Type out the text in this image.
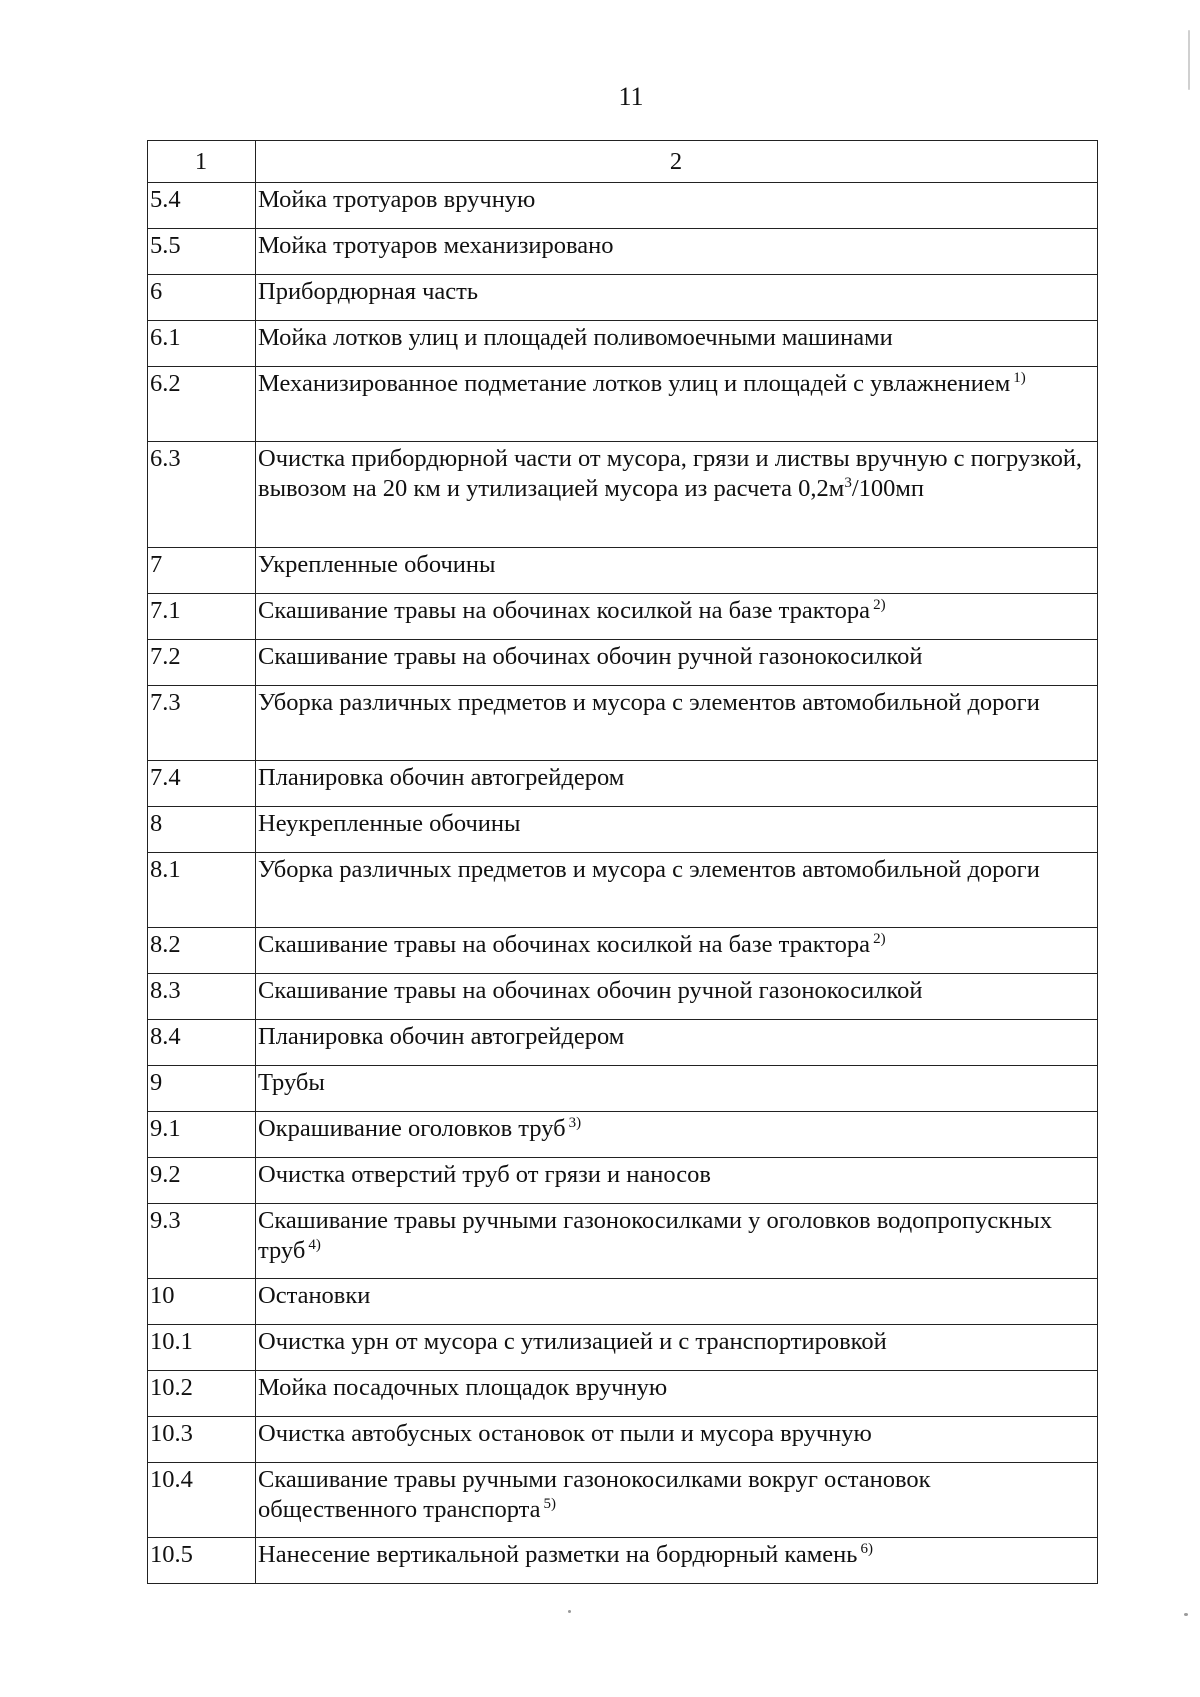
11
1	2
5.4	Мойка тротуаров вручную
5.5	Мойка тротуаров механизировано
6	Прибордюрная часть
6.1	Мойка лотков улиц и площадей поливомоечными машинами
6.2	Механизированное подметание лотков улиц и площадей с увлажнением $^{1)}$
6.3	Очистка прибордюрной части от мусора, грязи и листвы вручную с погрузкой, вывозом на 20 км и утилизацией мусора из расчета $0,2м^3/100мп$
7	Укрепленные обочины
7.1	Скашивание травы на обочинах косилкой на базе трактора $^{2)}$
7.2	Скашивание травы на обочинах обочин ручной газонокосилкой
7.3	Уборка различных предметов и мусора с элементов автомобильной дороги
7.4	Планировка обочин автогрейдером
8	Неукрепленные обочины
8.1	Уборка различных предметов и мусора с элементов автомобильной дороги
8.2	Скашивание травы на обочинах косилкой на базе трактора $^{2)}$
8.3	Скашивание травы на обочинах обочин ручной газонокосилкой
8.4	Планировка обочин автогрейдером
9	Трубы
9.1	Окрашивание оголовков труб $^{3)}$
9.2	Очистка отверстий труб от грязи и наносов
9.3	Скашивание травы ручными газонокосилками у оголовков водопропускных труб $^{4)}$
10	Остановки
10.1	Очистка урн от мусора с утилизацией и с транспортировкой
10.2	Мойка посадочных площадок вручную
10.3	Очистка автобусных остановок от пыли и мусора вручную
10.4	Скашивание травы ручными газонокосилками вокруг остановок общественного транспорта $^{5)}$
10.5	Нанесение вертикальной разметки на бордюрный камень $^{6)}$
